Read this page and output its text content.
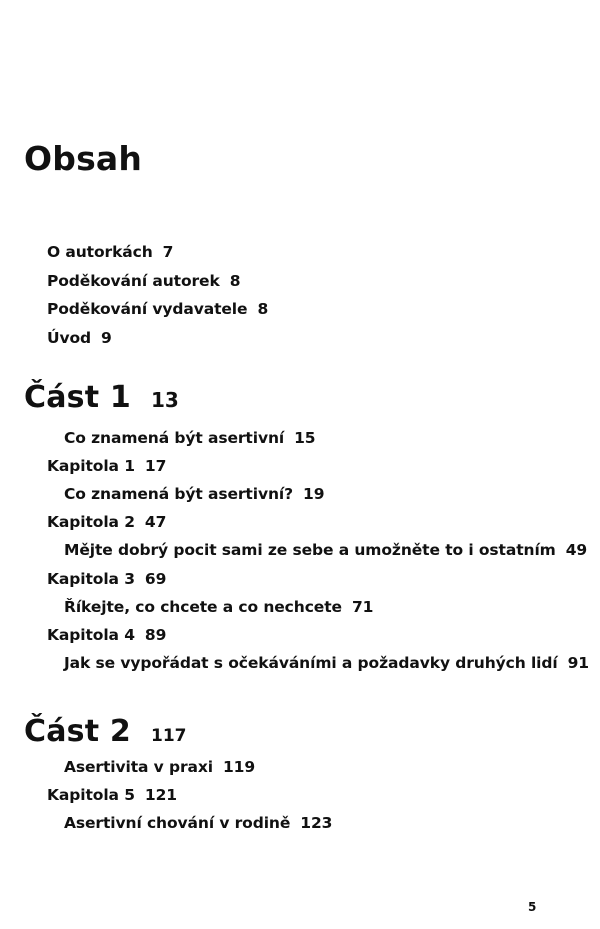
Obsah
O autorkách 7
Poděkování autorek 8
Poděkování vydavatele 8
Úvod 9
Část 1 13
Co znamená být asertivní 15
Kapitola 1 17
Co znamená být asertivní? 19
Kapitola 2 47
Mějte dobrý pocit sami ze sebe a umožněte to i ostatním 49
Kapitola 3 69
Říkejte, co chcete a co nechcete 71
Kapitola 4 89
Jak se vypořádat s očekáváními a požadavky druhých lidí 91
Část 2 117
Asertivita v praxi 119
Kapitola 5 121
Asertivní chování v rodině 123
5
